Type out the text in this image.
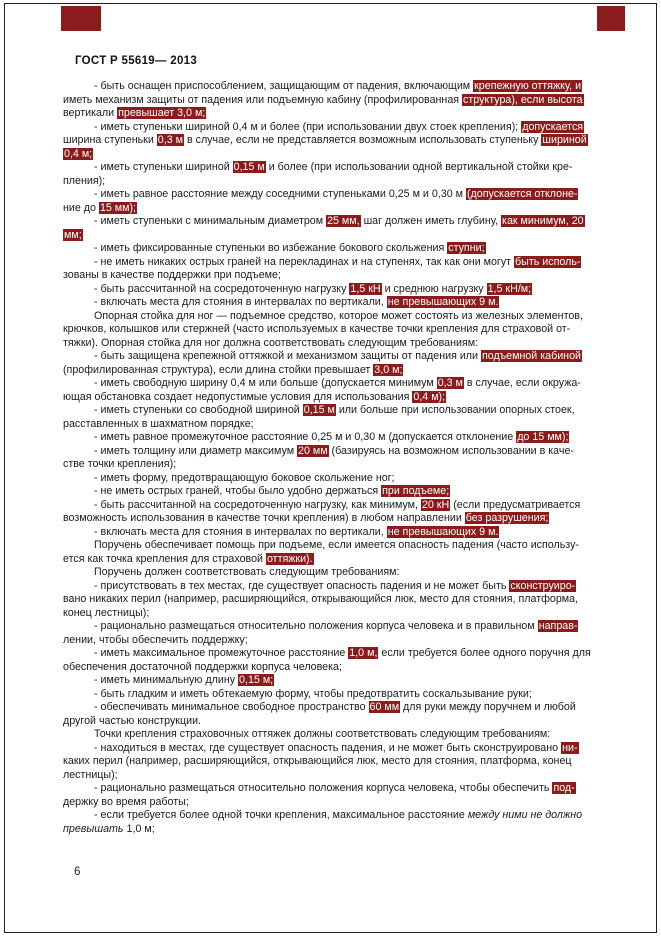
ГОСТ Р 55619— 2013
- быть оснащен приспособлением, защищающим от падения, включающим крепежную оттяжку, и
иметь механизм защиты от падения или подъемную кабину (профилированная структура), если высота
вертикали превышает 3,0 м;
- иметь ступеньки шириной 0,4 м и более (при использовании двух стоек крепления); допускается
ширина ступеньки 0,3 м в случае, если не представляется возможным использовать ступеньку шириной
0,4 м;
- иметь ступеньки шириной 0,15 м и более (при использовании одной вертикальной стойки кре-
пления);
- иметь равное расстояние между соседними ступеньками 0,25 м и 0,30 м (допускается отклоне-
ние до 15 мм);
- иметь ступеньки с минимальным диаметром 25 мм, шаг должен иметь глубину, как минимум, 20
мм;
- иметь фиксированные ступеньки во избежание бокового скольжения ступни;
- не иметь никаких острых граней на перекладинах и на ступенях, так как они могут быть исполь-
зованы в качестве поддержки при подъеме;
- быть рассчитанной на сосредоточенную нагрузку 1,5 кН и среднюю нагрузку 1,5 кН/м;
- включать места для стояния в интервалах по вертикали, не превышающих 9 м.
Опорная стойка для ног — подъемное средство, которое может состоять из железных элементов,
крючков, колышков или стержней (часто используемых в качестве точки крепления для страховой от-
тяжки). Опорная стойка для ног должна соответствовать следующим требованиям:
- быть защищена крепежной оттяжкой и механизмом защиты от падения или подъемной кабиной
(профилированная структура), если длина стойки превышает 3,0 м;
- иметь свободную ширину 0,4 м или больше (допускается минимум 0,3 м в случае, если окружа-
ющая обстановка создает недопустимые условия для использования 0,4 м);
- иметь ступеньки со свободной шириной 0,15 м или больше при использовании опорных стоек,
расставленных в шахматном порядке;
- иметь равное промежуточное расстояние 0,25 м и 0,30 м (допускается отклонение до 15 мм);
- иметь толщину или диаметр максимум 20 мм (базируясь на возможном использовании в каче-
стве точки крепления);
- иметь форму, предотвращающую боковое скольжение ног;
- не иметь острых граней, чтобы было удобно держаться при подъеме;
- быть рассчитанной на сосредоточенную нагрузку, как минимум, 20 кН (если предусматривается
возможность использования в качестве точки крепления) в любом направлении без разрушения;
- включать места для стояния в интервалах по вертикали, не превышающих 9 м.
Поручень обеспечивает помощь при подъеме, если имеется опасность падения (часто использу-
ется как точка крепления для страховой оттяжки).
Поручень должен соответствовать следующим требованиям:
- присутствовать в тех местах, где существует опасность падения и не может быть сконструиро-
вано никаких перил (например, расширяющийся, открывающийся люк, место для стояния, платформа,
конец лестницы);
- рационально размещаться относительно положения корпуса человека и в правильном направ-
лении, чтобы обеспечить поддержку;
- иметь максимальное промежуточное расстояние 1,0 м, если требуется более одного поручня для
обеспечения достаточной поддержки корпуса человека;
- иметь минимальную длину 0,15 м;
- быть гладким и иметь обтекаемую форму, чтобы предотвратить соскальзывание руки;
- обеспечивать минимальное свободное пространство 60 мм для руки между поручнем и любой
другой частью конструкции.
Точки крепления страховочных оттяжек должны соответствовать следующим требованиям:
- находиться в местах, где существует опасность падения, и не может быть сконструировано ни-
каких перил (например, расширяющийся, открывающийся люк, место для стояния, платформа, конец
лестницы);
- рационально размещаться относительно положения корпуса человека, чтобы обеспечить под-
держку во время работы;
- если требуется более одной точки крепления, максимальное расстояние между ними не должно
превышать 1,0 м;
6
